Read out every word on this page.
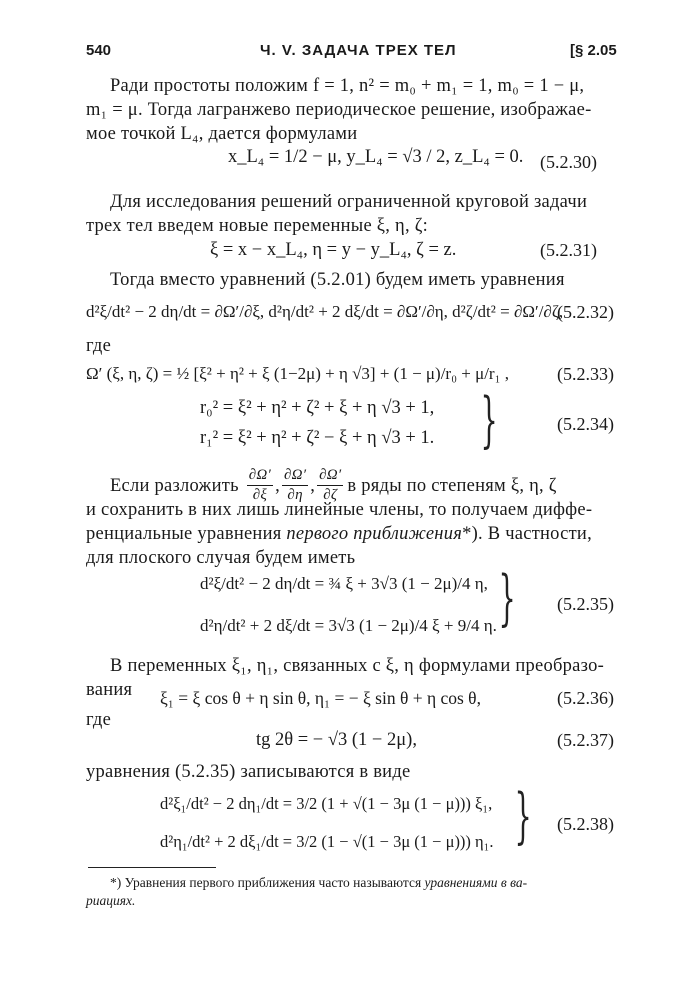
540	Ч. V. ЗАДАЧА ТРЕХ ТЕЛ	[§ 2.05
Ради простоты положим f = 1, n² = m₀ + m₁ = 1, m₀ = 1 − μ,
m₁ = μ. Тогда лагранжево периодическое решение, изображае-
мое точкой L₄, дается формулами
x_L₄ = 1/2 − μ, y_L₄ = √3 / 2, z_L₄ = 0. (5.2.30)
Для исследования решений ограниченной круговой задачи
трех тел введем новые переменные ξ, η, ζ:
ξ = x − x_L₄, η = y − y_L₄, ζ = z.	(5.2.31)
Тогда вместо уравнений (5.2.01) будем иметь уравнения
d²ξ/dt² − 2 dη/dt = ∂Ω′/∂ξ, d²η/dt² + 2 dξ/dt = ∂Ω′/∂η, d²ζ/dt² = ∂Ω′/∂ζ,
(5.2.32)
где
Ω′ (ξ, η, ζ) = ½ [ξ² + η² + ξ (1−2μ) + η √3] + (1 − μ)/r₀ + μ/r₁ ,	(5.2.33)
r₀² = ξ² + η² + ζ² + ξ + η √3 + 1,
r₁² = ξ² + η² + ζ² − ξ + η √3 + 1. }	(5.2.34)
Если разложить $\frac{\partial\Omega'}{\partial\xi}$ , $\frac{\partial\Omega'}{\partial\eta}$ , $\frac{\partial\Omega'}{\partial\zeta}$ в ряды по степеням ξ, η, ζ
и сохранить в них лишь линейные члены, то получаем диффе-
ренциальные уравнения первого приближения*). В частности,
для плоского случая будем иметь
d²ξ/dt² − 2 dη/dt = ¾ ξ + 3√3 (1 − 2μ)/4 η,
d²η/dt² + 2 dξ/dt = 3√3 (1 − 2μ)/4 ξ + 9/4 η. }	(5.2.35)
В переменных ξ₁, η₁, связанных с ξ, η формулами преобразо-
вания ξ₁ = ξ cos θ + η sin θ, η₁ = − ξ sin θ + η cos θ,	(5.2.36)
где
tg 2θ = − √3 (1 − 2μ),	(5.2.37)
уравнения (5.2.35) записываются в виде
d²ξ₁/dt² − 2 dη₁/dt = 3/2 (1 + √(1 − 3μ (1 − μ))) ξ₁,
d²η₁/dt² + 2 dξ₁/dt = 3/2 (1 − √(1 − 3μ (1 − μ))) η₁. }	(5.2.38)
*) Уравнения первого приближения часто называются уравнениями в ва-
риациях.
